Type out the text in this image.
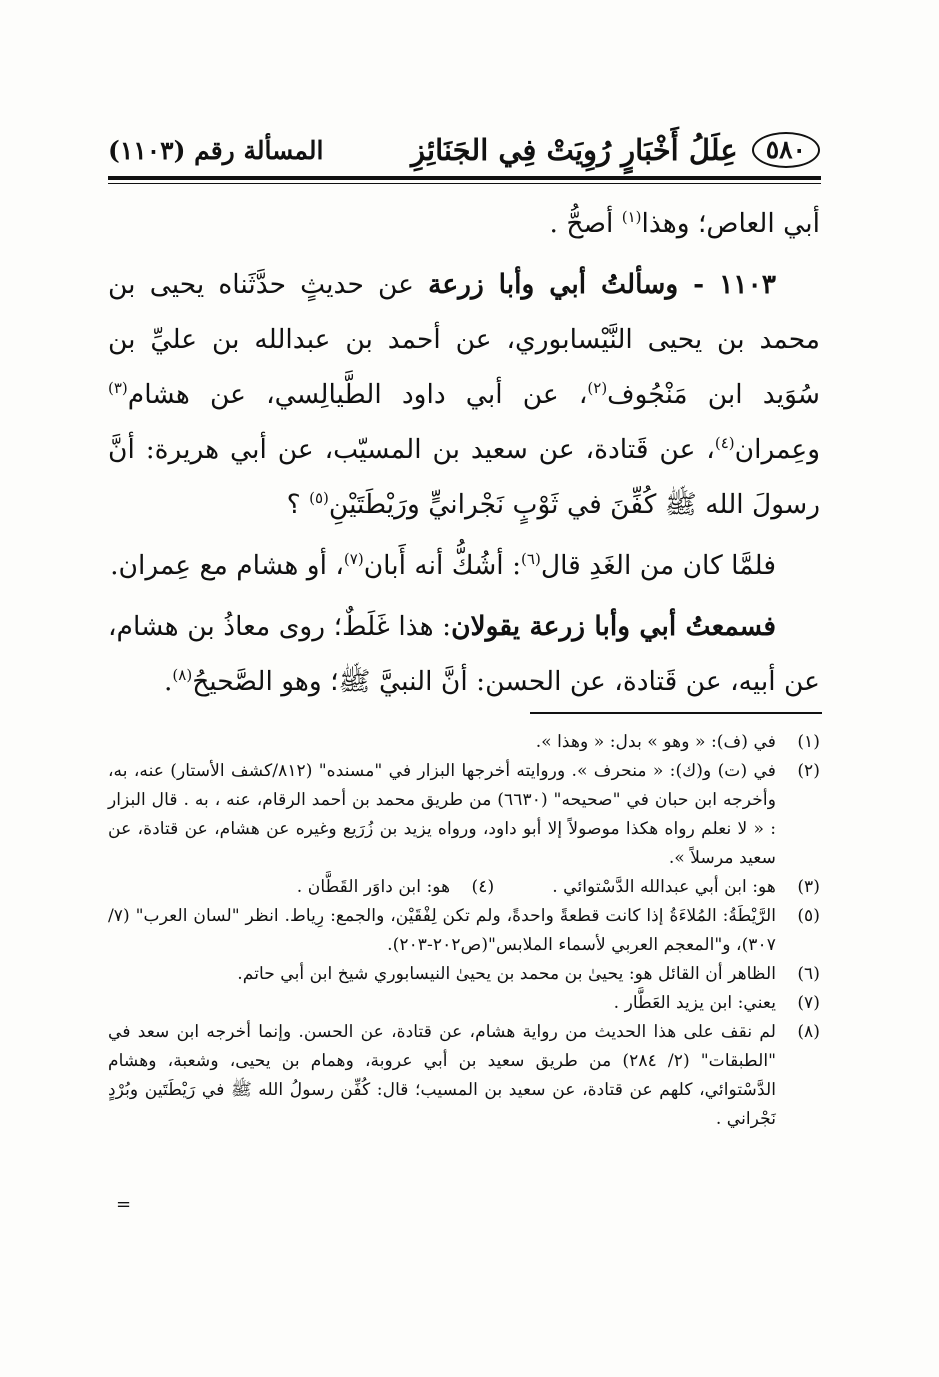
٥٨٠
عِلَلُ أَخْبَارٍ رُوِيَتْ فِي الجَنَائِزِ
المسألة رقم (١١٠٣)

أبي العاص؛ وهذا$^{(١)}$ أصحُّ .

١١٠٣ - وسألتُ أبي وأبا زرعة عن حديثٍ حدَّثَناه يحيى بن محمد بن يحيى النَّيْسابوري، عن أحمد بن عبدالله بن عليِّ بن سُوَيد ابن مَنْجُوف$^{(٢)}$، عن أبي داود الطَّيالِسي، عن هشام$^{(٣)}$ وعِمران$^{(٤)}$، عن قَتادة، عن سعيد بن المسيّب، عن أبي هريرة: أنَّ رسولَ الله ﷺ كُفِّنَ في ثَوْبٍ نَجْرانيٍّ ورَيْطَتَيْنِ$^{(٥)}$ ؟

فلمَّا كان من الغَدِ قال$^{(٦)}$: أشُكُّ أنه أَبان$^{(٧)}$، أو هشام مع عِمران.

فسمعتُ أبي وأبا زرعة يقولان: هذا غَلَطٌ؛ روى معاذُ بن هشام، عن أبيه، عن قَتادة، عن الحسن: أنَّ النبيَّ ﷺ؛ وهو الصَّحيحُ$^{(٨)}$.

(١)
في (ف): « وهو » بدل: « وهذا ».
(٢)
في (ت) و(ك): « منحرف ». وروايته أخرجها البزار في "مسنده" (٨١٢/كشف الأستار) عنه، به، وأخرجه ابن حبان في "صحيحه" (٦٦٣٠) من طريق محمد بن أحمد الرقام، عنه ، به . قال البزار : « لا نعلم رواه هكذا موصولاً إلا أبو داود، ورواه يزيد بن زُرَيع وغيره عن هشام، عن قتادة، عن سعيد مرسلاً ».
(٣)
هو: ابن أبي عبدالله الدَّسْتوائي .
(٤)
هو: ابن داوَر القَطَّان .
(٥)
الرَّيْطَةُ: المُلاءَةُ إذا كانت قطعةً واحدةً، ولم تكن لِفْقَيْن، والجمع: رِياط. انظر "لسان العرب" (٧/ ٣٠٧)، و"المعجم العربي لأسماء الملابس"(ص٢٠٢-٢٠٣).
(٦)
الظاهر أن القائل هو: يحيىٰ بن محمد بن يحيىٰ النيسابوري شيخ ابن أبي حاتم.
(٧)
يعني: ابن يزيد العَطَّار .
(٨)
لم نقف على هذا الحديث من رواية هشام، عن قتادة، عن الحسن. وإنما أخرجه ابن سعد في "الطبقات" (٢/ ٢٨٤) من طريق سعيد بن أبي عروبة، وهمام بن يحيى، وشعبة، وهشام الدَّسْتوائي، كلهم عن قتادة، عن سعيد بن المسيب؛ قال: كُفِّن رسولُ الله ﷺ في رَيْطَتَين وبُرْدٍ نَجْراني .
=
